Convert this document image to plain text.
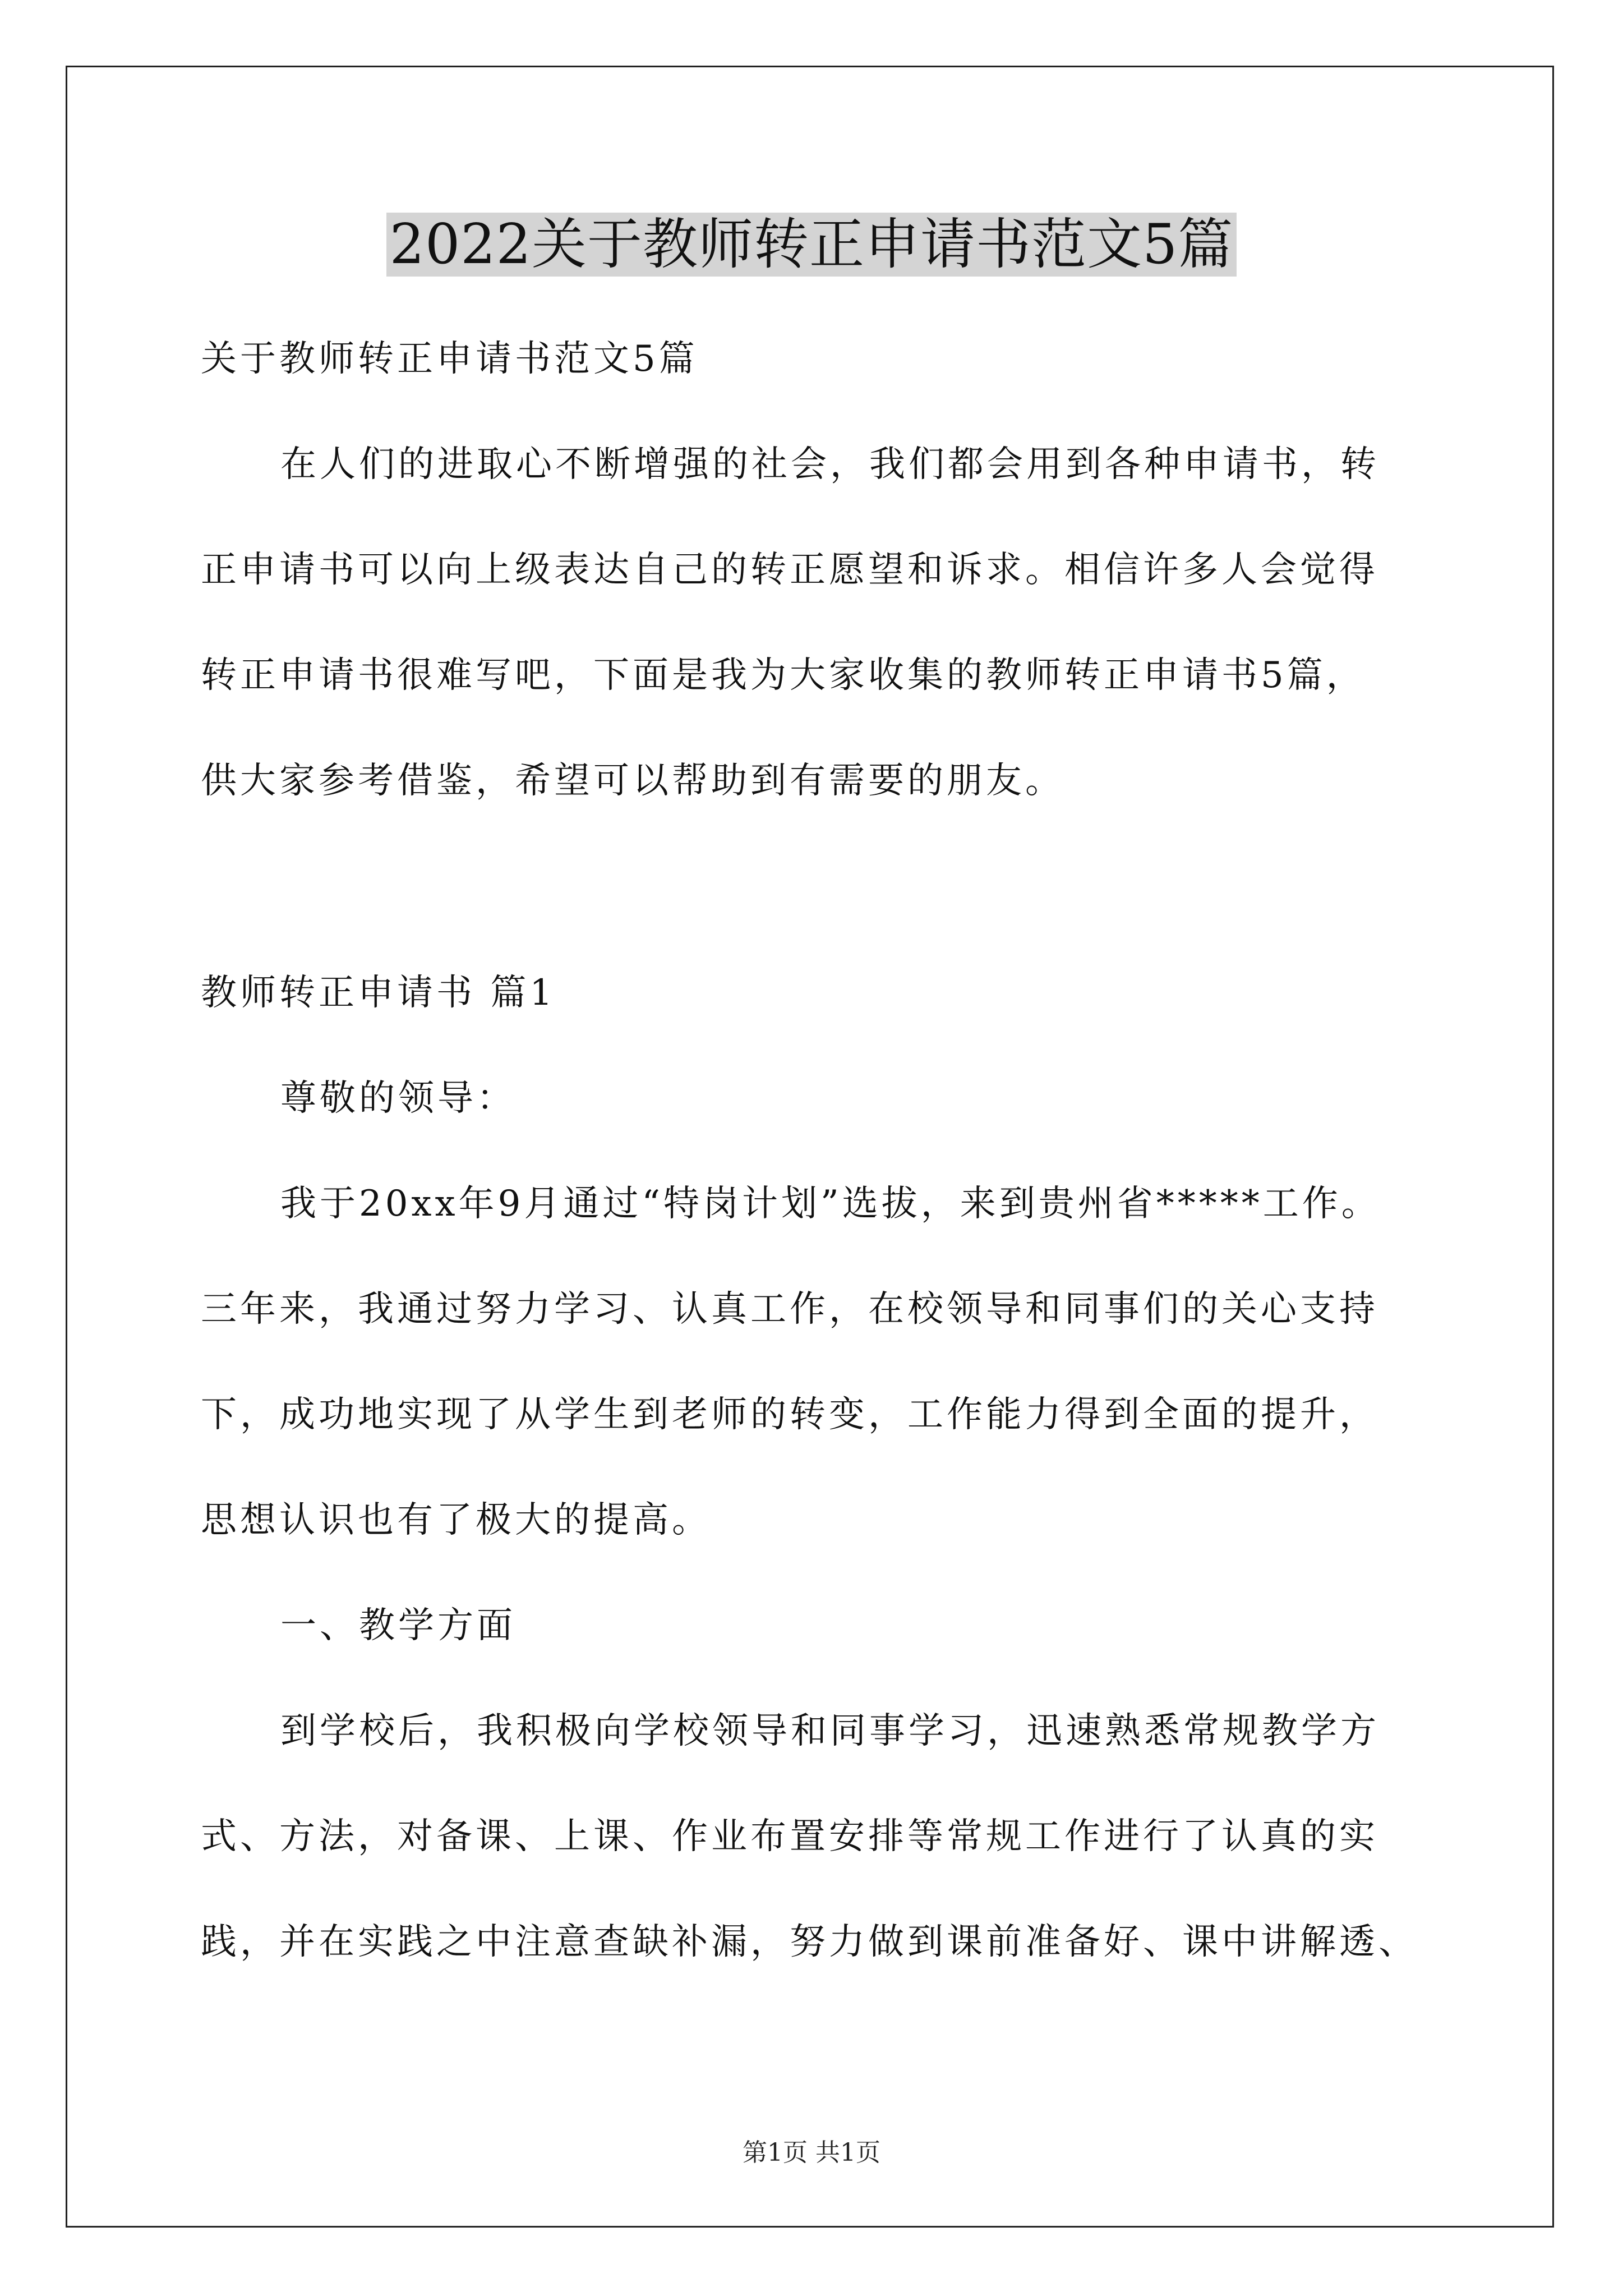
2022关于教师转正申请书范文5篇
关于教师转正申请书范文5篇
在人们的进取心不断增强的社会，我们都会用到各种申请书，转
正申请书可以向上级表达自己的转正愿望和诉求。相信许多人会觉得
转正申请书很难写吧，下面是我为大家收集的教师转正申请书5篇，
供大家参考借鉴，希望可以帮助到有需要的朋友。
教师转正申请书 篇1
尊敬的领导：
我于20xx年9月通过“特岗计划”选拔，来到贵州省*****工作。
三年来，我通过努力学习、认真工作，在校领导和同事们的关心支持
下，成功地实现了从学生到老师的转变，工作能力得到全面的提升，
思想认识也有了极大的提高。
一、教学方面
到学校后，我积极向学校领导和同事学习，迅速熟悉常规教学方
式、方法，对备课、上课、作业布置安排等常规工作进行了认真的实
践，并在实践之中注意查缺补漏，努力做到课前准备好、课中讲解透、
第1页 共1页
